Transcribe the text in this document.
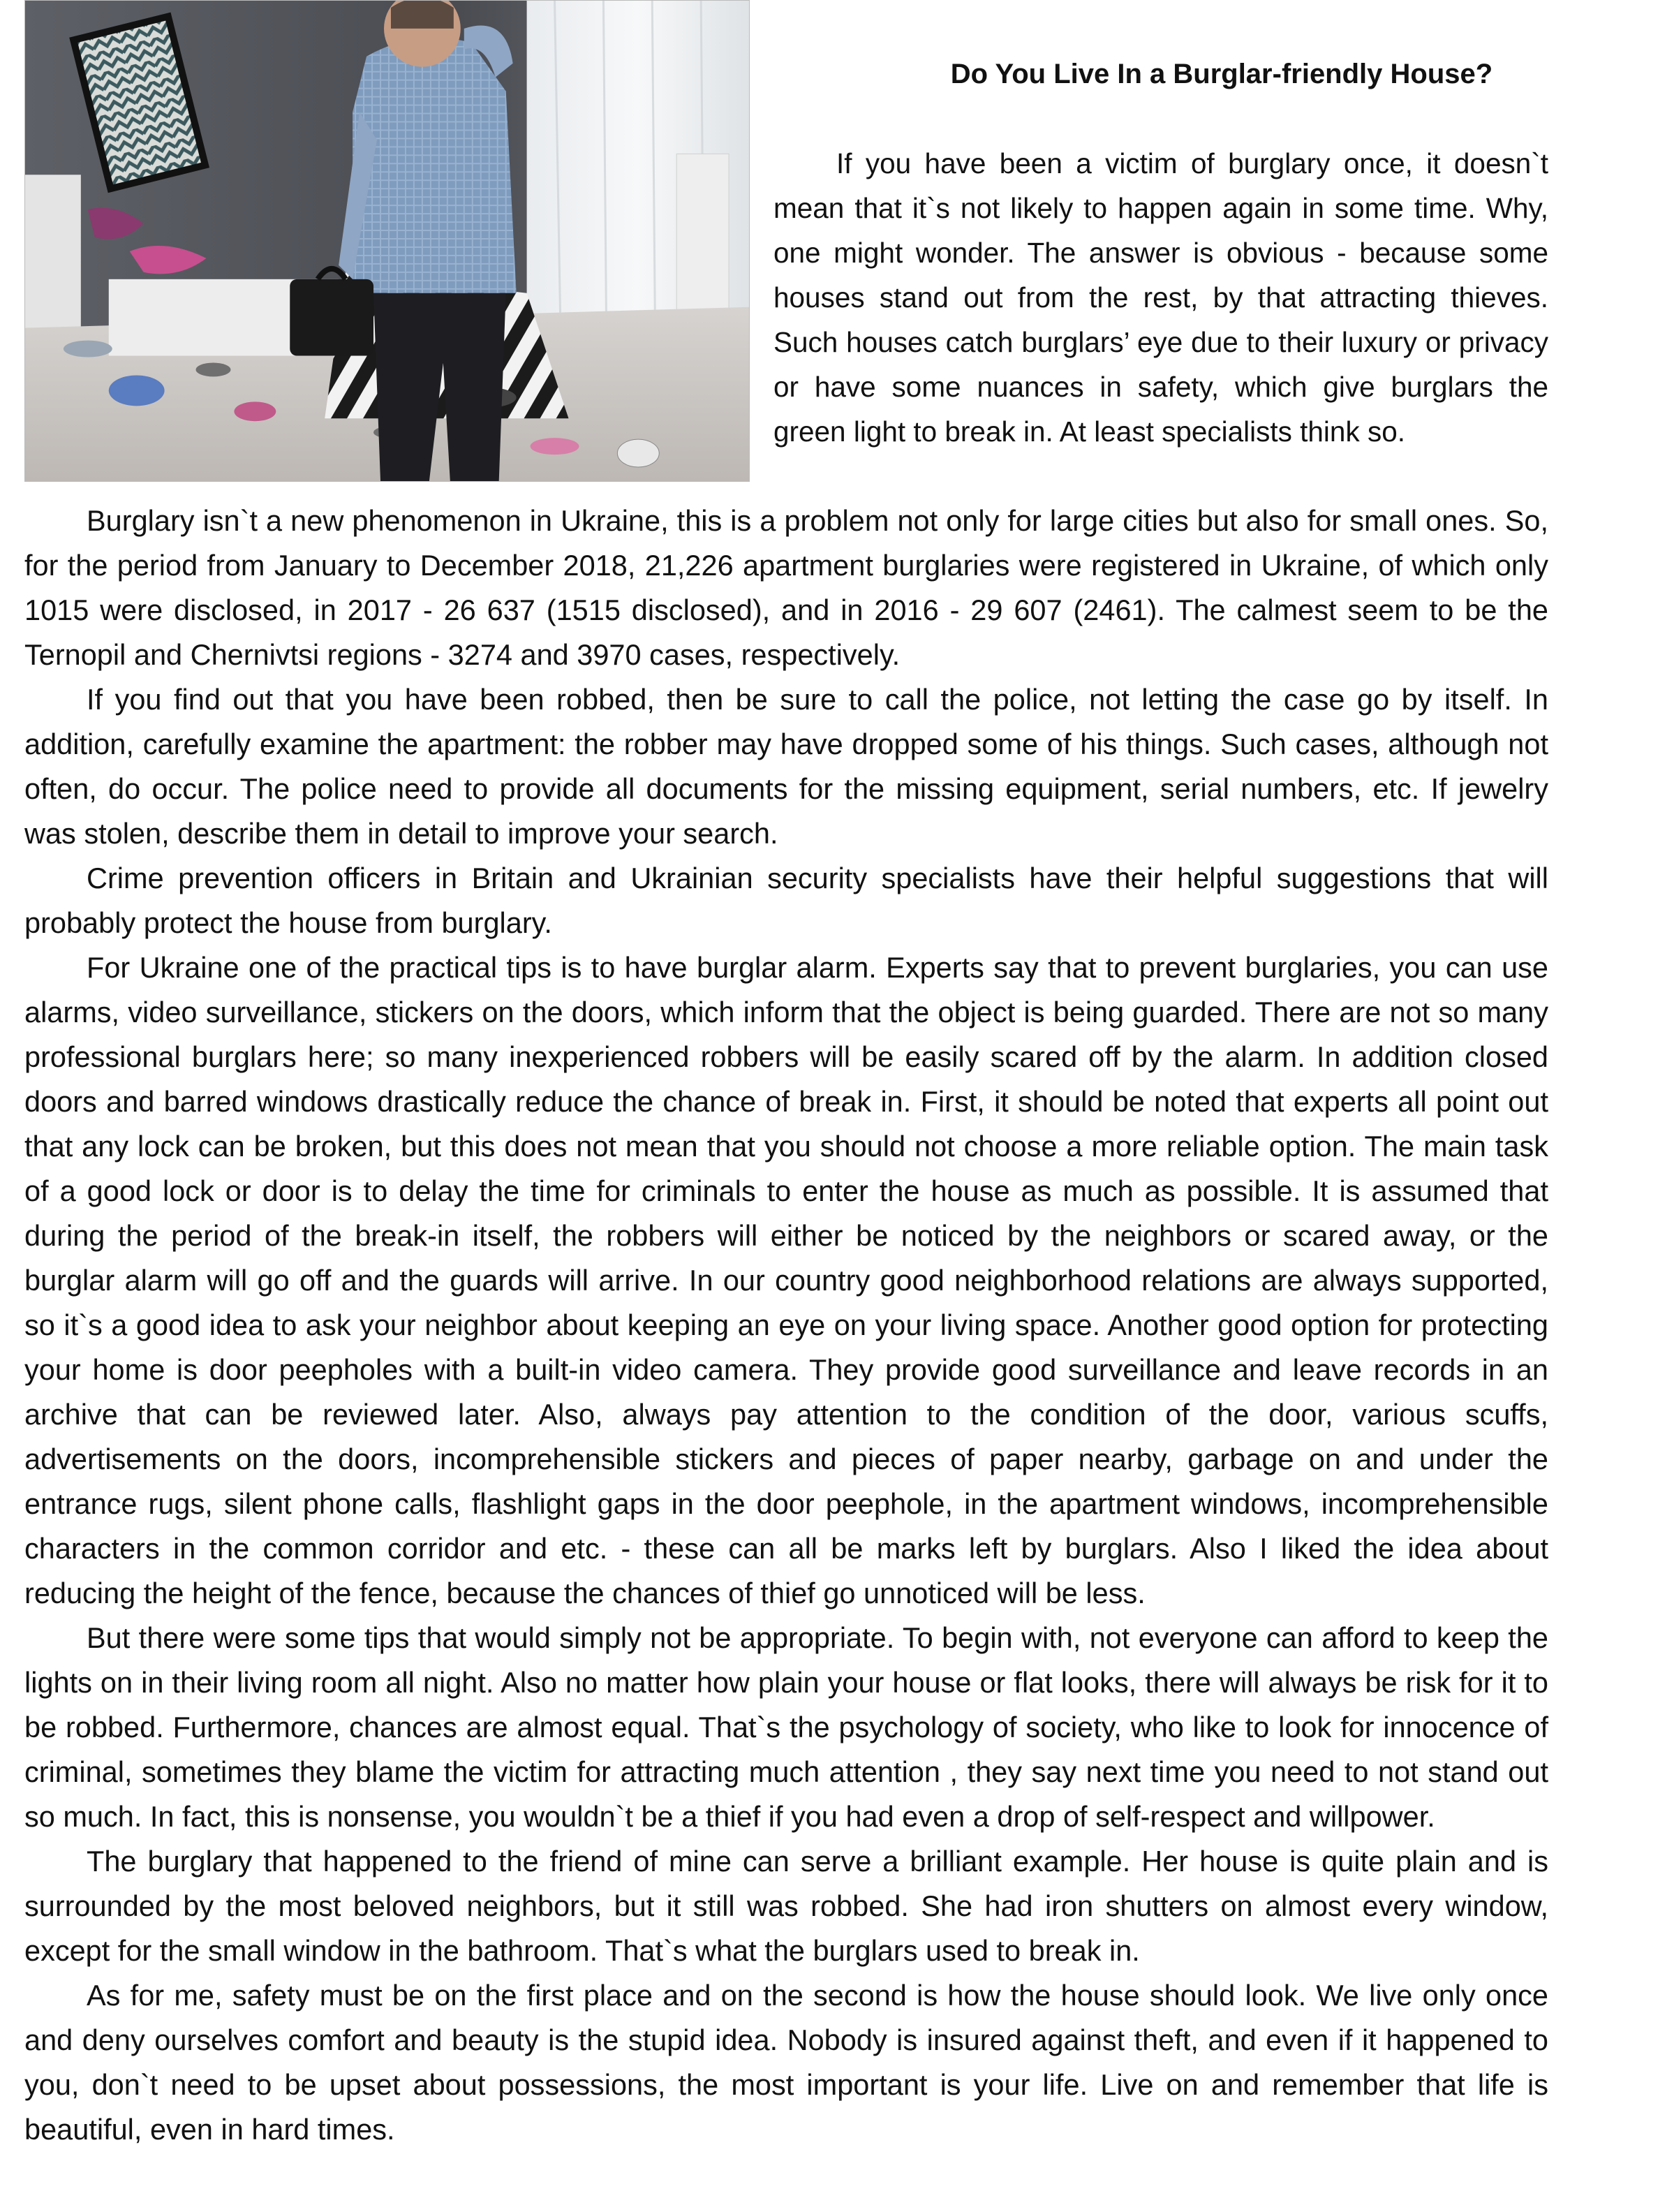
Do You Live In a Burglar-friendly House?

If you have been a victim of burglary once, it doesn`t mean that it`s not likely to happen again in some time. Why, one might wonder. The answer is obvious - because some houses stand out from the rest, by that attracting thieves. Such houses catch burglars’ eye due to their luxury or privacy or have some nuances in safety, which give burglars the green light to break in. At least specialists think so.

Burglary isn`t a new phenomenon in Ukraine, this is a problem not only for large cities but also for small ones. So, for the period from January to December 2018, 21,226 apartment burglaries were registered in Ukraine, of which only 1015 were disclosed, in 2017 - 26 637 (1515 disclosed), and in 2016 - 29 607 (2461). The calmest seem to be the Ternopil and Chernivtsi regions - 3274 and 3970 cases, respectively.

If you find out that you have been robbed, then be sure to call the police, not letting the case go by itself. In addition, carefully examine the apartment: the robber may have dropped some of his things. Such cases, although not often, do occur. The police need to provide all documents for the missing equipment, serial numbers, etc. If jewelry was stolen, describe them in detail to improve your search.

Crime prevention officers in Britain and Ukrainian security specialists have their helpful suggestions that will probably protect the house from burglary.

For Ukraine one of the practical tips is to have burglar alarm. Experts say that to prevent burglaries, you can use alarms, video surveillance, stickers on the doors, which inform that the object is being guarded. There are not so many professional burglars here; so many inexperienced robbers will be easily scared off by the alarm. In addition closed doors and barred windows drastically reduce the chance of break in. First, it should be noted that experts all point out that any lock can be broken, but this does not mean that you should not choose a more reliable option. The main task of a good lock or door is to delay the time for criminals to enter the house as much as possible. It is assumed that during the period of the break-in itself, the robbers will either be noticed by the neighbors or scared away, or the burglar alarm will go off and the guards will arrive. In our country good neighborhood relations are always supported, so it`s a good idea to ask your neighbor about keeping an eye on your living space. Another good option for protecting your home is door peepholes with a built-in video camera. They provide good surveillance and leave records in an archive that can be reviewed later. Also, always pay attention to the condition of the door, various scuffs, advertisements on the doors, incomprehensible stickers and pieces of paper nearby, garbage on and under the entrance rugs, silent phone calls, flashlight gaps in the door peephole, in the apartment windows, incomprehensible characters in the common corridor and etc. - these can all be marks left by burglars. Also I liked the idea about reducing the height of the fence, because the chances of thief go unnoticed will be less.

But there were some tips that would simply not be appropriate. To begin with, not everyone can afford to keep the lights on in their living room all night. Also no matter how plain your house or flat looks, there will always be risk for it to be robbed. Furthermore, chances are almost equal. That`s the psychology of society, who like to look for innocence of criminal, sometimes they blame the victim for attracting much attention , they say next time you need to not stand out so much. In fact, this is nonsense, you wouldn`t be a thief if you had even a drop of self-respect and willpower.

The burglary that happened to the friend of mine can serve a brilliant example. Her house is quite plain and is surrounded by the most beloved neighbors, but it still was robbed. She had iron shutters on almost every window, except for the small window in the bathroom. That`s what the burglars used to break in.

As for me, safety must be on the first place and on the second is how the house should look. We live only once and deny ourselves comfort and beauty is the stupid idea. Nobody is insured against theft, and even if it happened to you, don`t need to be upset about possessions, the most important is your life. Live on and remember that life is beautiful, even in hard times.
